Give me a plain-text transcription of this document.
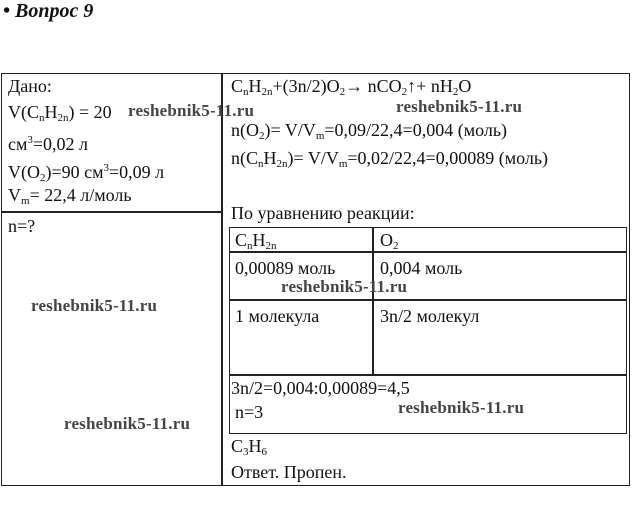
• Вопрос 9
Дано:
$V(C_nH_{2n}) = 20$
$см^3=0,02$ л
$V(O_2)=90$ $см^3=0,09$ л
$V_m= 22,4$ л/моль
n=?
$C_nH_{2n}+(3n/2)O_2\to$ nCO$_2$↑+ $nH_2O$
$n(O_2)= V/V_m=0,09/22,4=0,004$ (моль)
$n(C_nH_{2n})= V/V_m=0,02/22,4=0,00089$ (моль)
По уравнению реакции:
$C_nH_{2n}$	$O_2$
0,00089 моль 0,004 моль
1 молекула	3n/2 молекул
3n/2=0,004:0,00089=4,5
n=3
$C_3H_6$
Ответ. Пропен.
reshebnik5-11.ru	reshebnik5-11.ru
reshebnik5-11.ru
reshebnik5-11.ru
reshebnik5-11.ru
reshebnik5-11.ru
